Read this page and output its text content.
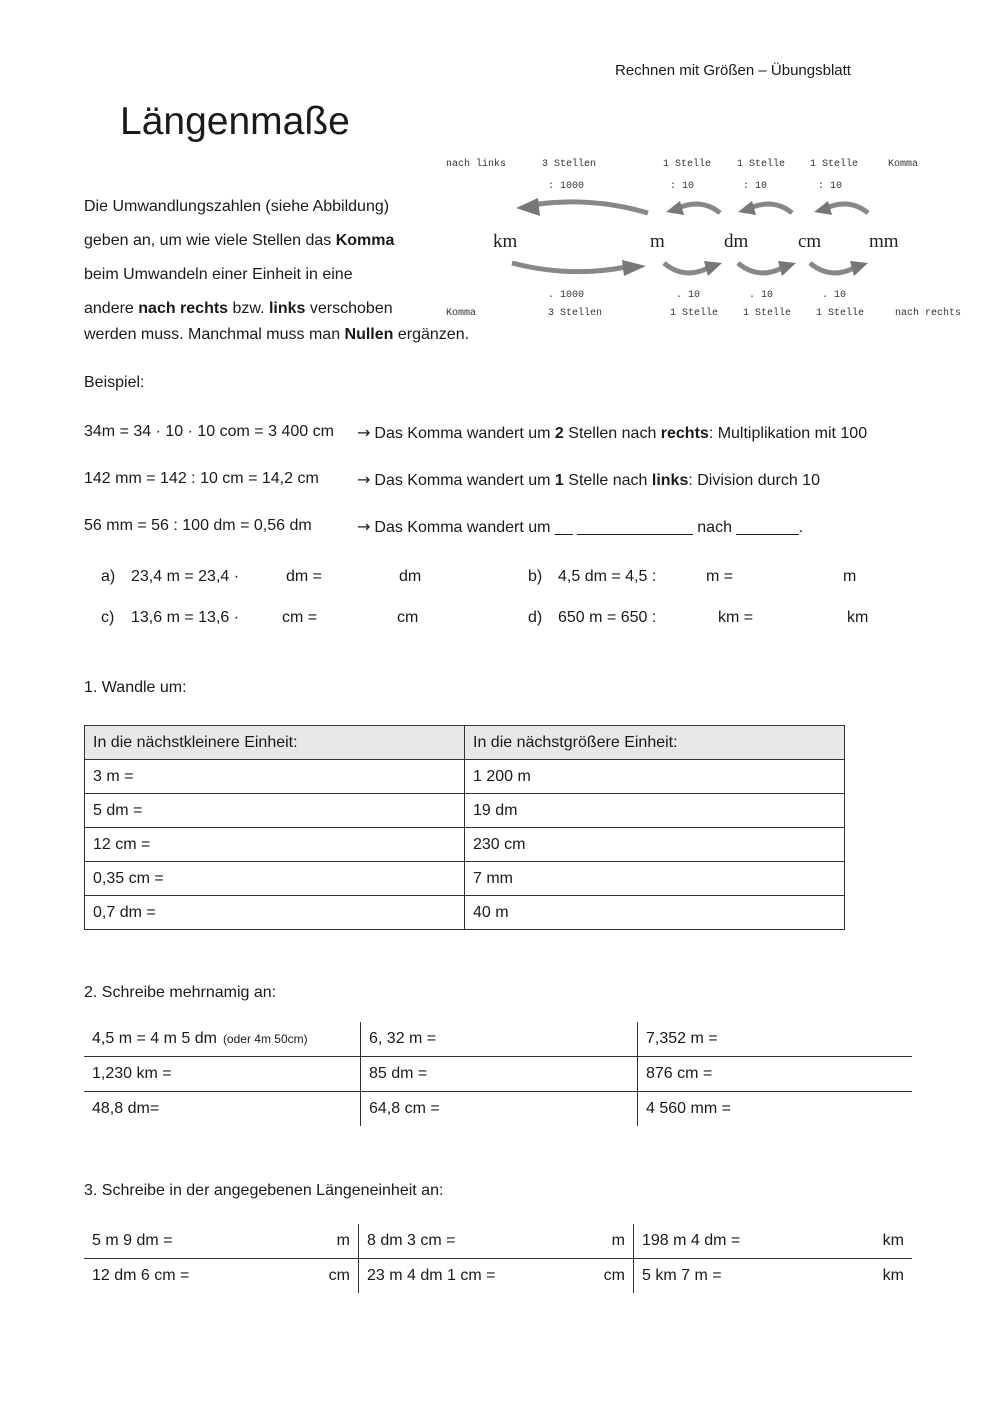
Rechnen mit Größen – Übungsblatt
Längenmaße
Die Umwandlungszahlen (siehe Abbildung)
geben an, um wie viele Stellen das Komma
beim Umwandeln einer Einheit in eine
andere nach rechts bzw. links verschoben
werden muss. Manchmal muss man Nullen ergänzen.
nach links	3 Stellen	1 Stelle	1 Stelle 1 Stelle	Komma
: 1000	: 10	: 10	: 10
km	m	dm	cm	mm
. 1000	. 10	. 10	. 10
Komma	3 Stellen	1 Stelle 1 Stelle 1 Stelle	nach rechts
Beispiel:
34m = 34 · 10 · 10 com = 3 400 cm → Das Komma wandert um 2 Stellen nach rechts: Multiplikation mit 100
142 mm = 142 : 10 cm = 14,2 cm → Das Komma wandert um 1 Stelle nach links: Division durch 10
56 mm = 56 : 100 dm = 0,56 dm	→ Das Komma wandert um __ _____________ nach _______.
a) 23,4 m = 23,4 ·	dm =	dm	b) 4,5 dm = 4,5 :	m =	m
c) 13,6 m = 13,6 ·	cm =	cm	d) 650 m = 650 :	km =	km
1. Wandle um:
In die nächstkleinere Einheit:	In die nächstgrößere Einheit:
3 m =	1 200 m
5 dm =	19 dm
12 cm =	230 cm
0,35 cm =	7 mm
0,7 dm =	40 m
2. Schreibe mehrnamig an:
4,5 m = 4 m 5 dm (oder 4m 50cm)	6, 32 m =	7,352 m =
1,230 km =	85 dm =	876 cm =
48,8 dm=	64,8 cm =	4 560 mm =
3. Schreibe in der angegebenen Längeneinheit an:
5 m 9 dm = m	8 dm 3 cm = m	198 m 4 dm = km

12 dm 6 cm = cm	23 m 4 dm 1 cm = cm	5 km 7 m = km
